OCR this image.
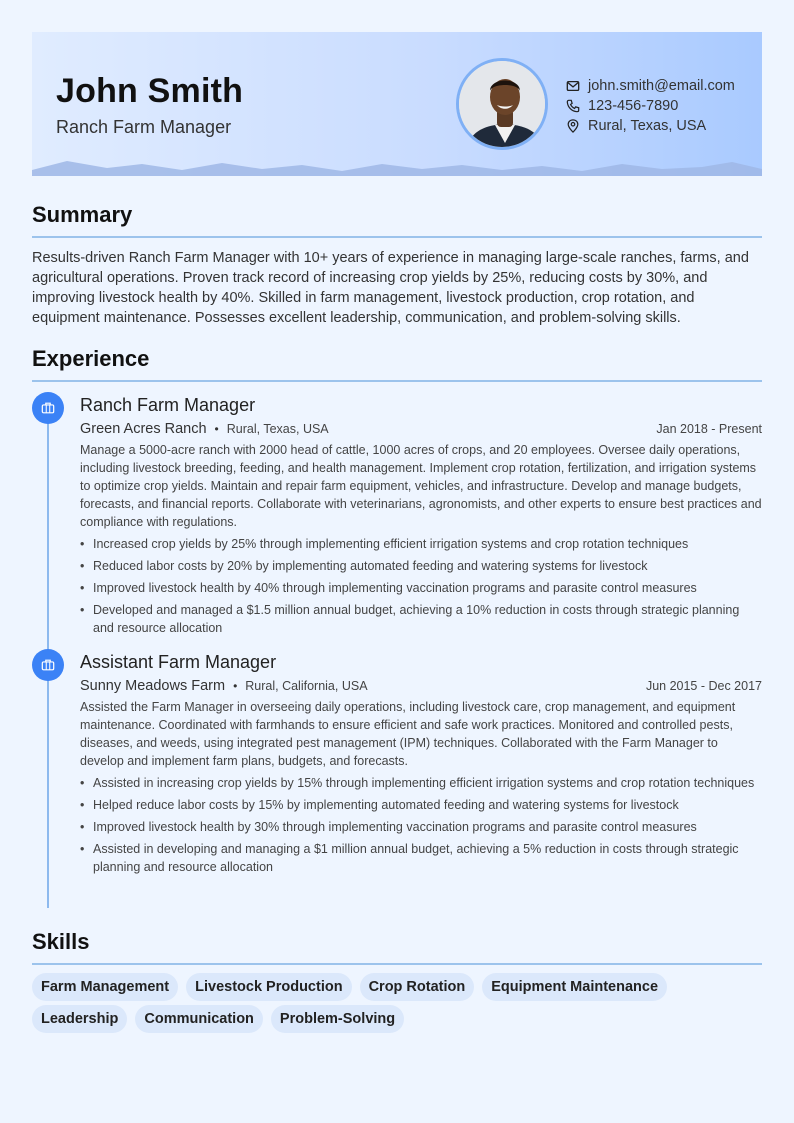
John Smith
Ranch Farm Manager
john.smith@email.com
123-456-7890
Rural, Texas, USA
Summary

Results-driven Ranch Farm Manager with 10+ years of experience in managing large-scale ranches, farms, and agricultural operations. Proven track record of increasing crop yields by 25%, reducing costs by 30%, and improving livestock health by 40%. Skilled in farm management, livestock production, crop rotation, and equipment maintenance. Possesses excellent leadership, communication, and problem-solving skills.

Experience
Ranch Farm Manager
Green Acres Ranch • Rural, Texas, USA	Jan 2018 - Present
Manage a 5000-acre ranch with 2000 head of cattle, 1000 acres of crops, and 20 employees. Oversee daily operations, including livestock breeding, feeding, and health management. Implement crop rotation, fertilization, and irrigation systems to optimize crop yields. Maintain and repair farm equipment, vehicles, and infrastructure. Develop and manage budgets, forecasts, and financial reports. Collaborate with veterinarians, agronomists, and other experts to ensure best practices and compliance with regulations.
• Increased crop yields by 25% through implementing efficient irrigation systems and crop rotation techniques
• Reduced labor costs by 20% by implementing automated feeding and watering systems for livestock
• Improved livestock health by 40% through implementing vaccination programs and parasite control measures
• Developed and managed a $1.5 million annual budget, achieving a 10% reduction in costs through strategic planning and resource allocation
Assistant Farm Manager
Sunny Meadows Farm • Rural, California, USA	Jun 2015 - Dec 2017
Assisted the Farm Manager in overseeing daily operations, including livestock care, crop management, and equipment maintenance. Coordinated with farmhands to ensure efficient and safe work practices. Monitored and controlled pests, diseases, and weeds, using integrated pest management (IPM) techniques. Collaborated with the Farm Manager to develop and implement farm plans, budgets, and forecasts.
• Assisted in increasing crop yields by 15% through implementing efficient irrigation systems and crop rotation techniques
• Helped reduce labor costs by 15% by implementing automated feeding and watering systems for livestock
• Improved livestock health by 30% through implementing vaccination programs and parasite control measures
• Assisted in developing and managing a $1 million annual budget, achieving a 5% reduction in costs through strategic planning and resource allocation
Skills
Farm Management	Livestock Production	Crop Rotation	Equipment Maintenance
Leadership	Communication	Problem-Solving
